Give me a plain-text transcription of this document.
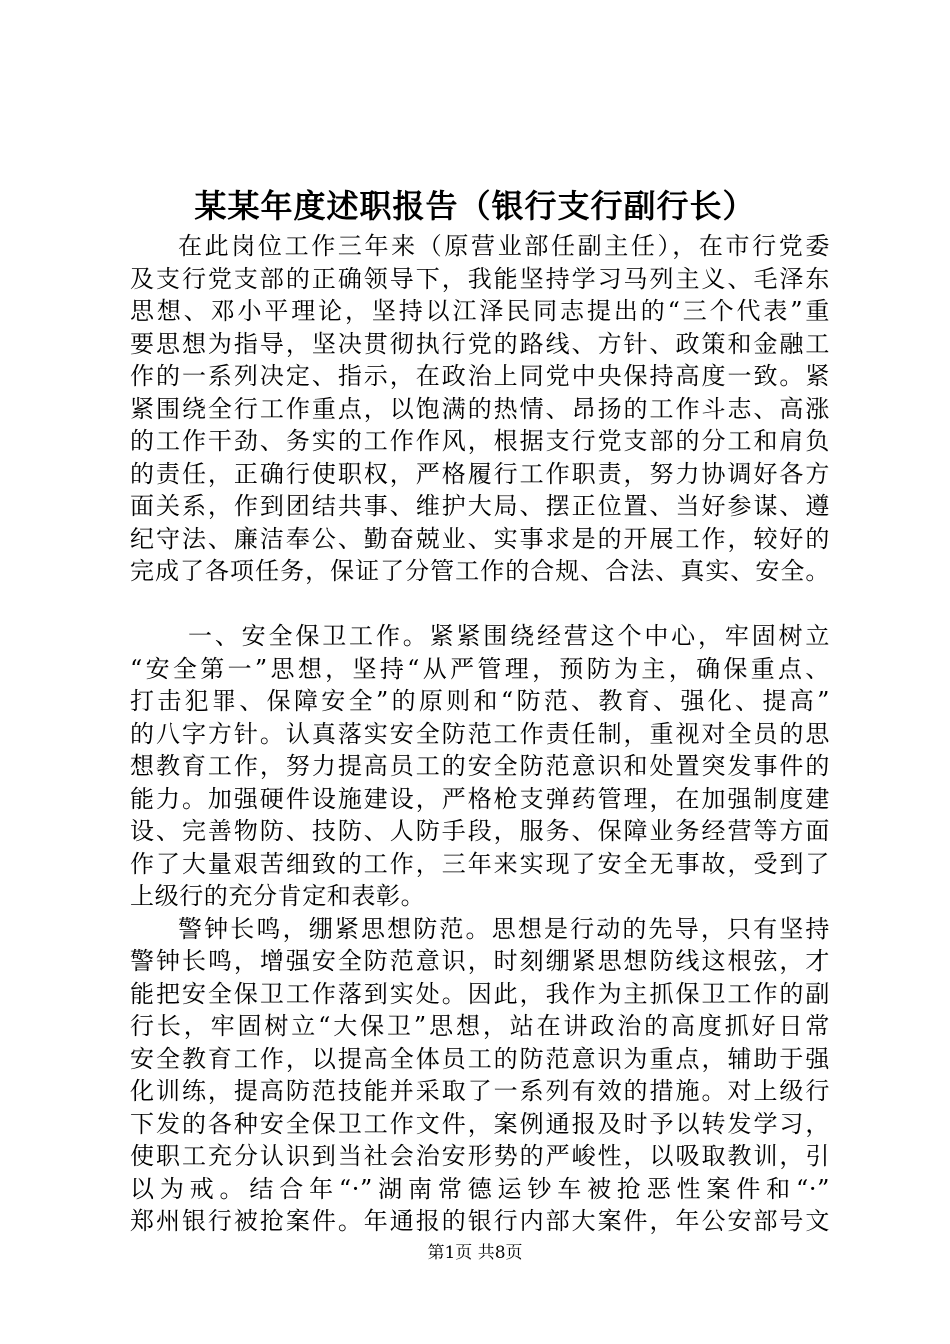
某某年度述职报告（银行支行副行长）
在此岗位工作三年来（原营业部任副主任），在市行党委
及支行党支部的正确领导下，我能坚持学习马列主义、毛泽东
思想、邓小平理论，坚持以江泽民同志提出的“三个代表”重
要思想为指导，坚决贯彻执行党的路线、方针、政策和金融工
作的一系列决定、指示，在政治上同党中央保持高度一致。紧
紧围绕全行工作重点，以饱满的热情、昂扬的工作斗志、高涨
的工作干劲、务实的工作作风，根据支行党支部的分工和肩负
的责任，正确行使职权，严格履行工作职责，努力协调好各方
面关系，作到团结共事、维护大局、摆正位置、当好参谋、遵
纪守法、廉洁奉公、勤奋兢业、实事求是的开展工作，较好的
完成了各项任务，保证了分管工作的合规、合法、真实、安全。
一、安全保卫工作。紧紧围绕经营这个中心，牢固树立
“安全第一”思想，坚持“从严管理，预防为主，确保重点、
打击犯罪、保障安全”的原则和“防范、教育、强化、提高”
的八字方针。认真落实安全防范工作责任制，重视对全员的思
想教育工作，努力提高员工的安全防范意识和处置突发事件的
能力。加强硬件设施建设，严格枪支弹药管理，在加强制度建
设、完善物防、技防、人防手段，服务、保障业务经营等方面
作了大量艰苦细致的工作，三年来实现了安全无事故，受到了
上级行的充分肯定和表彰。
警钟长鸣，绷紧思想防范。思想是行动的先导，只有坚持
警钟长鸣，增强安全防范意识，时刻绷紧思想防线这根弦，才
能把安全保卫工作落到实处。因此，我作为主抓保卫工作的副
行长，牢固树立“大保卫”思想，站在讲政治的高度抓好日常
安全教育工作，以提高全体员工的防范意识为重点，辅助于强
化训练，提高防范技能并采取了一系列有效的措施。对上级行
下发的各种安全保卫工作文件，案例通报及时予以转发学习，
使职工充分认识到当社会治安形势的严峻性，以吸取教训，引
以为戒。结合年“·”湖南常德运钞车被抢恶性案件和“·”
郑州银行被抢案件。年通报的银行内部大案件，年公安部号文
第1页 共8页
